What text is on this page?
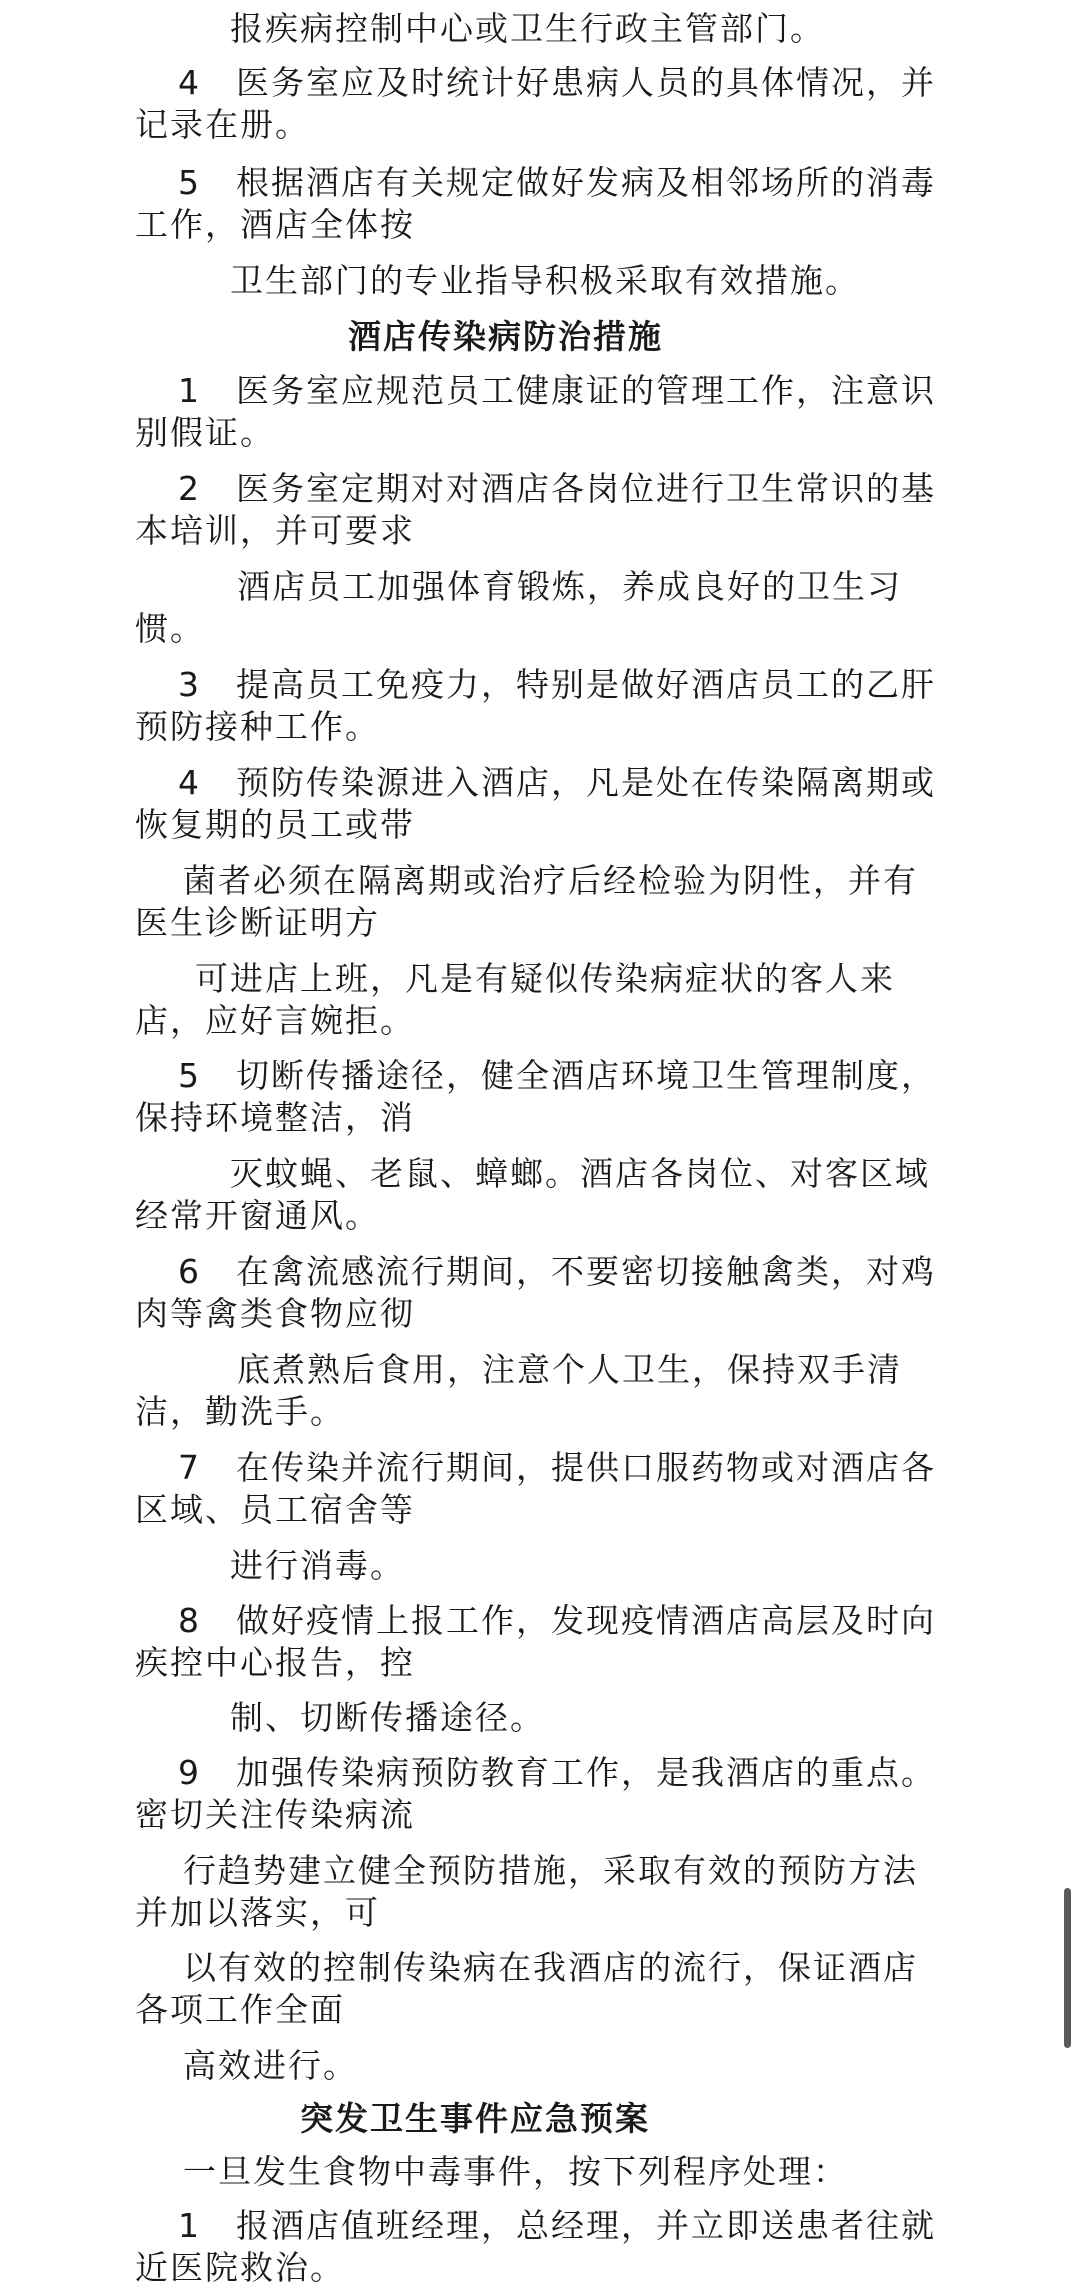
报疾病控制中心或卫生行政主管部门。
4　医务室应及时统计好患病人员的具体情况，并
记录在册。
5　根据酒店有关规定做好发病及相邻场所的消毒
工作，酒店全体按
卫生部门的专业指导积极采取有效措施。
酒店传染病防治措施
1　医务室应规范员工健康证的管理工作，注意识
别假证。
2　医务室定期对对酒店各岗位进行卫生常识的基
本培训，并可要求
酒店员工加强体育锻炼，养成良好的卫生习
惯。
3　提高员工免疫力，特别是做好酒店员工的乙肝
预防接种工作。
4　预防传染源进入酒店，凡是处在传染隔离期或
恢复期的员工或带
菌者必须在隔离期或治疗后经检验为阴性，并有
医生诊断证明方
可进店上班，凡是有疑似传染病症状的客人来
店，应好言婉拒。
5　切断传播途径，健全酒店环境卫生管理制度，
保持环境整洁，消
灭蚊蝇、老鼠、蟑螂。酒店各岗位、对客区域
经常开窗通风。
6　在禽流感流行期间，不要密切接触禽类，对鸡
肉等禽类食物应彻
底煮熟后食用，注意个人卫生，保持双手清
洁，勤洗手。
7　在传染并流行期间，提供口服药物或对酒店各
区域、员工宿舍等
进行消毒。
8　做好疫情上报工作，发现疫情酒店高层及时向
疾控中心报告，控
制、切断传播途径。
9　加强传染病预防教育工作，是我酒店的重点。
密切关注传染病流
行趋势建立健全预防措施，采取有效的预防方法
并加以落实，可
以有效的控制传染病在我酒店的流行，保证酒店
各项工作全面
高效进行。
突发卫生事件应急预案
一旦发生食物中毒事件，按下列程序处理：
1　报酒店值班经理，总经理，并立即送患者往就
近医院救治。
